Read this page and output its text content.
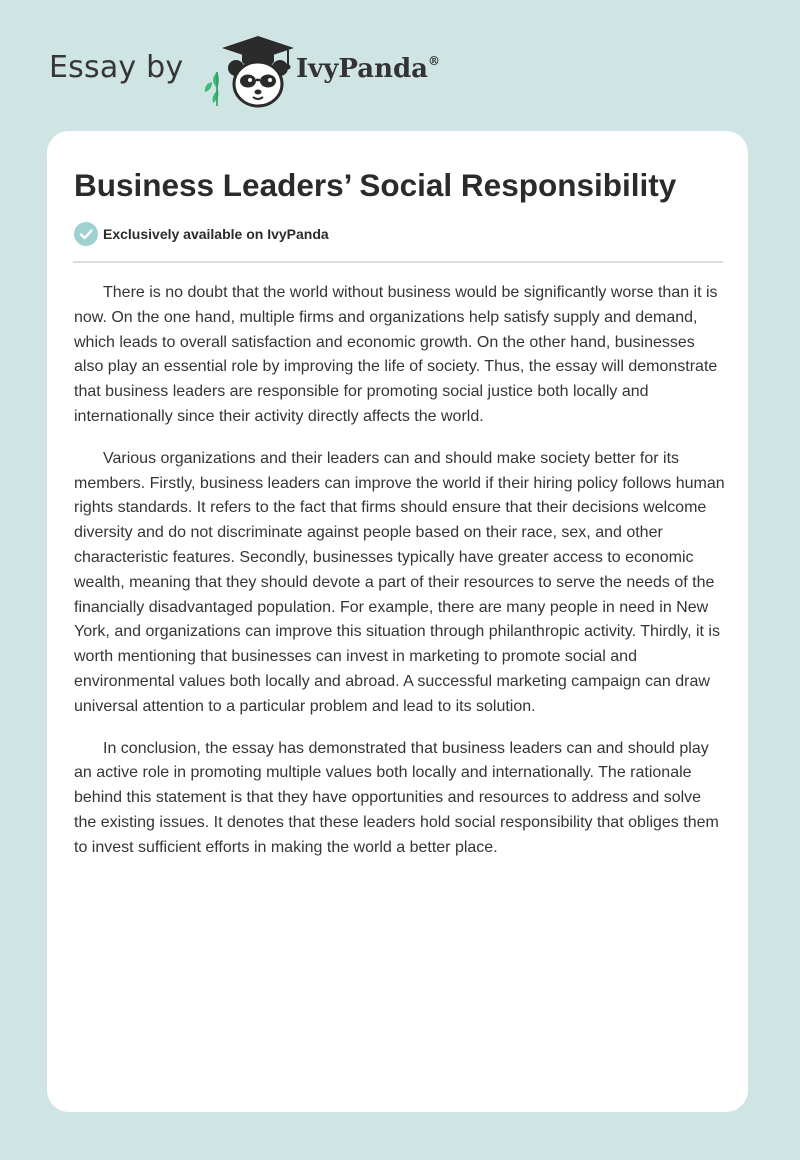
Essay by	IvyPanda®
Business Leaders’ Social Responsibility
Exclusively available on IvyPanda

There is no doubt that the world without business would be significantly worse than it is now. On the one hand, multiple firms and organizations help satisfy supply and demand, which leads to overall satisfaction and economic growth. On the other hand, businesses also play an essential role by improving the life of society. Thus, the essay will demonstrate that business leaders are responsible for promoting social justice both locally and internationally since their activity directly affects the world.

Various organizations and their leaders can and should make society better for its members. Firstly, business leaders can improve the world if their hiring policy follows human rights standards. It refers to the fact that firms should ensure that their decisions welcome diversity and do not discriminate against people based on their race, sex, and other characteristic features. Secondly, businesses typically have greater access to economic wealth, meaning that they should devote a part of their resources to serve the needs of the financially disadvantaged population. For example, there are many people in need in New York, and organizations can improve this situation through philanthropic activity. Thirdly, it is worth mentioning that businesses can invest in marketing to promote social and environmental values both locally and abroad. A successful marketing campaign can draw universal attention to a particular problem and lead to its solution.

In conclusion, the essay has demonstrated that business leaders can and should play an active role in promoting multiple values both locally and internationally. The rationale behind this statement is that they have opportunities and resources to address and solve the existing issues. It denotes that these leaders hold social responsibility that obliges them to invest sufficient efforts in making the world a better place.
